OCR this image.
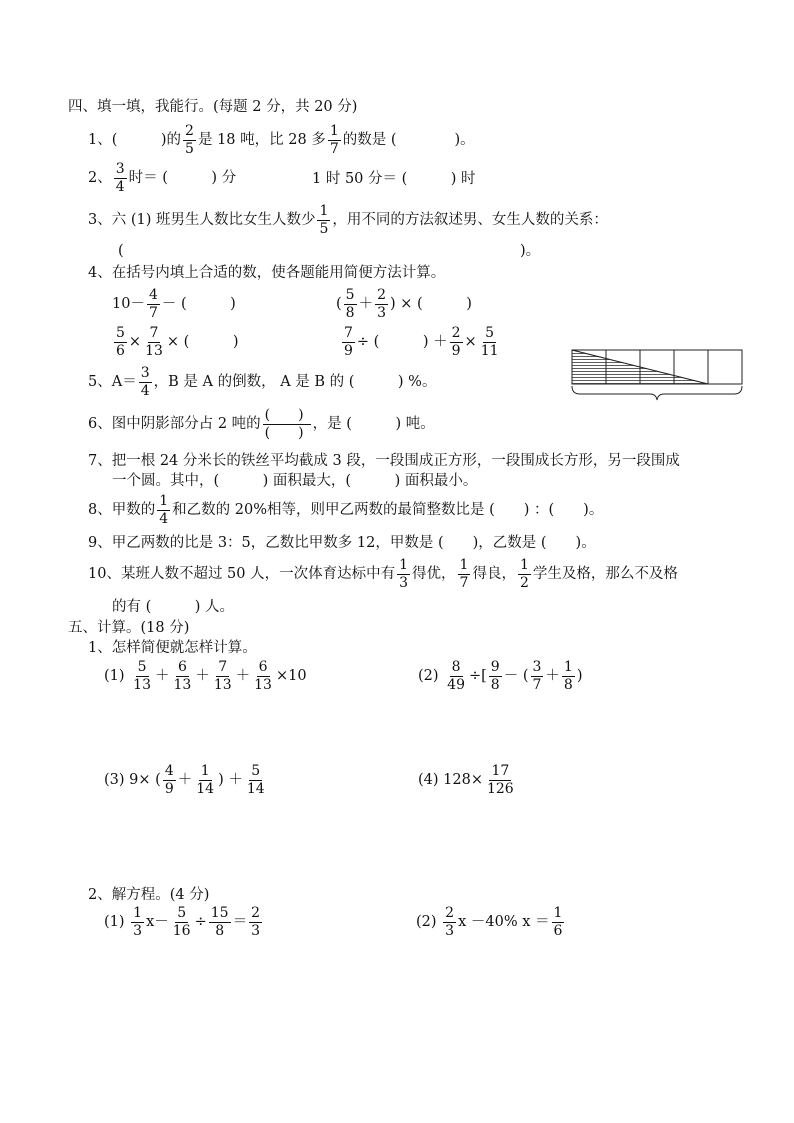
四、填一填，我能行。(每题 2 分，共 20 分)
1、(　　　)的 $\frac{2}{5}$ 是 18 吨，比 28 多 $\frac{1}{7}$ 的数是 (　　　　)。
2、 $\frac{3}{4}$ 时＝ (　　　) 分	1 时 50 分＝ (　　　) 时
3、六 (1) 班男生人数比女生人数少 $\frac{1}{5}$ ，用不同的方法叙述男、女生人数的关系：
(	)。
4、在括号内填上合适的数，使各题能用简便方法计算。
$10- \frac{4}{7}$ － (　　　)	( $\frac{5}{8} + \frac{2}{3}$ ) × (　　　)
$\frac{5}{6} \times \frac{7}{13}$ × (　　　)	$\frac{7}{9}$ ÷ (　　　) ＋ $\frac{2}{9} \times \frac{5}{11}$
5、$A= \frac{3}{4}$ ，B 是 A 的倒数， A 是 B 的 (　　　) %。
6、图中阴影部分占 2 吨的 $\frac{( )}{( )}$ ，是 (　　　) 吨。
7、把一根 24 分米长的铁丝平均截成 3 段，一段围成正方形，一段围成长方形，另一段围成
一个圆。其中，(　　　) 面积最大，(　　　) 面积最小。
8、甲数的 $\frac{1}{4}$ 和乙数的 20%相等，则甲乙两数的最简整数比是 (　　) ：(　　)。
9、甲乙两数的比是 3：5，乙数比甲数多 12，甲数是 (　　)，乙数是 (　　)。
10、某班人数不超过 50 人，一次体育达标中有 $\frac{1}{3}$ 得优， $\frac{1}{7}$ 得良， $\frac{1}{2}$ 学生及格，那么不及格
的有 (　　　) 人。
五、计算。(18 分)
1、怎样简便就怎样计算。
$(1) \frac{5}{13} + \frac{6}{13} + \frac{7}{13} + \frac{6}{13} \times 10$	$(2) \frac{8}{49}$ ÷[ $\frac{9}{8}$ － ( $\frac{3}{7} + \frac{1}{8}$ )
(3) 9× ( $\frac{4}{9} + \frac{1}{14}$ ) ＋ $\frac{5}{14}$	(4) $128\times \frac{17}{126}$
2、解方程。(4 分)
$(1) \frac{1}{3} x- \frac{5}{16} \div \frac{15}{8} = \frac{2}{3}$	$(2) \frac{2}{3}$ x －40% $x = \frac{1}{6}$
